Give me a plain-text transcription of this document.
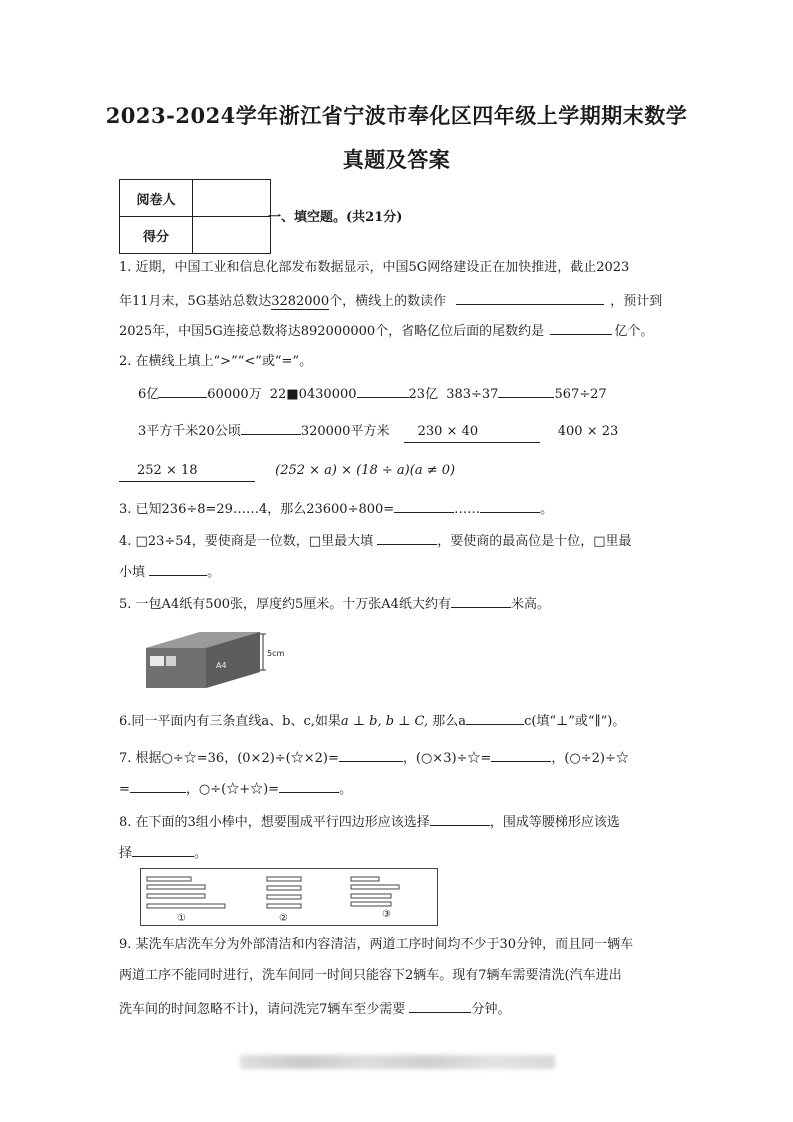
2023-2024学年浙江省宁波市奉化区四年级上学期期末数学
真题及答案
阅卷人	
得分	
一、填空题。(共21分)
1. 近期，中国工业和信息化部发布数据显示，中国5G网络建设正在加快推进，截止2023
年11月末，5G基站总数达3282000个，横线上的数读作	，预计到
2025年，中国5G连接总数将达892000000个，省略亿位后面的尾数约是	亿个。
2. 在横线上填上“>”“<”或“=”。
6亿	60000万 22■0430000	23亿 383÷37	567÷27
3平方千米20公顷	320000平方米 230 × 40	400 × 23
252 × 18	(252 × a) × (18 ÷ a)(a ≠ 0)
3. 已知236÷8=29……4，那么23600÷800=	……	。
4. □23÷54，要使商是一位数，□里最大填	，要使商的最高位是十位，□里最
小填	。
5. 一包A4纸有500张，厚度约5厘米。十万张A4纸大约有	米高。
A4
5cm
6.同一平面内有三条直线a、b、c,如果a ⊥ b, b ⊥ C, 那么a	c(填“⊥”或“∥”)。
7. 根据○÷☆=36，(0×2)÷(☆×2)=	，(○×3)÷☆=	，(○÷2)÷☆
=	，○÷(☆+☆)=	。
8. 在下面的3组小棒中，想要围成平行四边形应该选择	，围成等腰梯形应该选
择	。
①	②	③
9. 某洗车店洗车分为外部清洁和内容清洁，两道工序时间均不少于30分钟，而且同一辆车
两道工序不能同时进行，洗车间同一时间只能容下2辆车。现有7辆车需要清洗(汽车进出
洗车间的时间忽略不计)，请问洗完7辆车至少需要	分钟。
